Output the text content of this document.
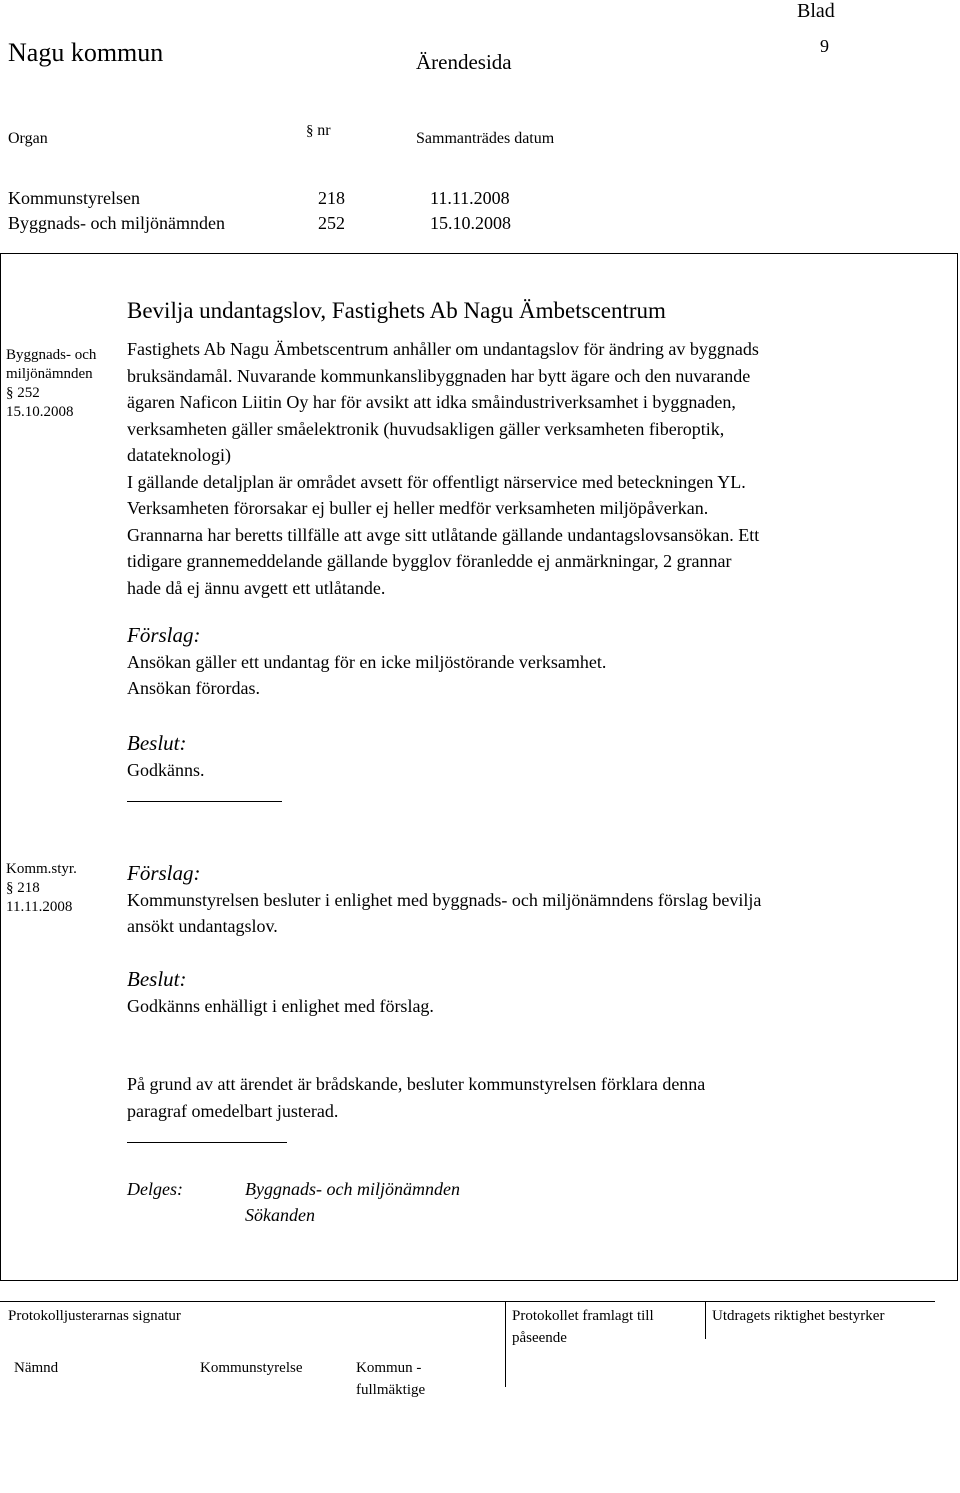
Nagu kommun	Ärendesida
Blad
9
Organ	§ nr	Sammanträdes datum
Kommunstyrelsen	218	11.11.2008
Byggnads- och miljönämnden	252	15.10.2008
Bevilja undantagslov, Fastighets Ab Nagu Ämbetscentrum
Byggnads- och
miljönämnden
§ 252
15.10.2008

Fastighets Ab Nagu Ämbetscentrum anhåller om undantagslov för ändring av byggnads

bruksändamål. Nuvarande kommunkanslibyggnaden har bytt ägare och den nuvarande

ägaren Naficon Liitin Oy har för avsikt att idka småindustriverksamhet i byggnaden,

verksamheten gäller småelektronik (huvudsakligen gäller verksamheten fiberoptik,

datateknologi)

I gällande detaljplan är området avsett för offentligt närservice med beteckningen YL.

Verksamheten förorsakar ej buller ej heller medför verksamheten miljöpåverkan.

Grannarna har beretts tillfälle att avge sitt utlåtande gällande undantagslovsansökan. Ett

tidigare grannemeddelande gällande bygglov föranledde ej anmärkningar, 2 grannar

hade då ej ännu avgett ett utlåtande.

Förslag:

Ansökan gäller ett undantag för en icke miljöstörande verksamhet.

Ansökan förordas.

Beslut:

Godkänns.

Komm.styr.
§ 218
11.11.2008

Förslag:

Kommunstyrelsen besluter i enlighet med byggnads- och miljönämndens förslag bevilja

ansökt undantagslov.

Beslut:

Godkänns enhälligt i enlighet med förslag.

På grund av att ärendet är brådskande, besluter kommunstyrelsen förklara denna

paragraf omedelbart justerad.

Delges:	Byggnads- och miljönämnden
Sökanden
Protokolljusterarnas signatur	Protokollet framlagt till
påseende
Utdragets riktighet bestyrker
Nämnd	Kommunstyrelse	Kommun -
fullmäktige
